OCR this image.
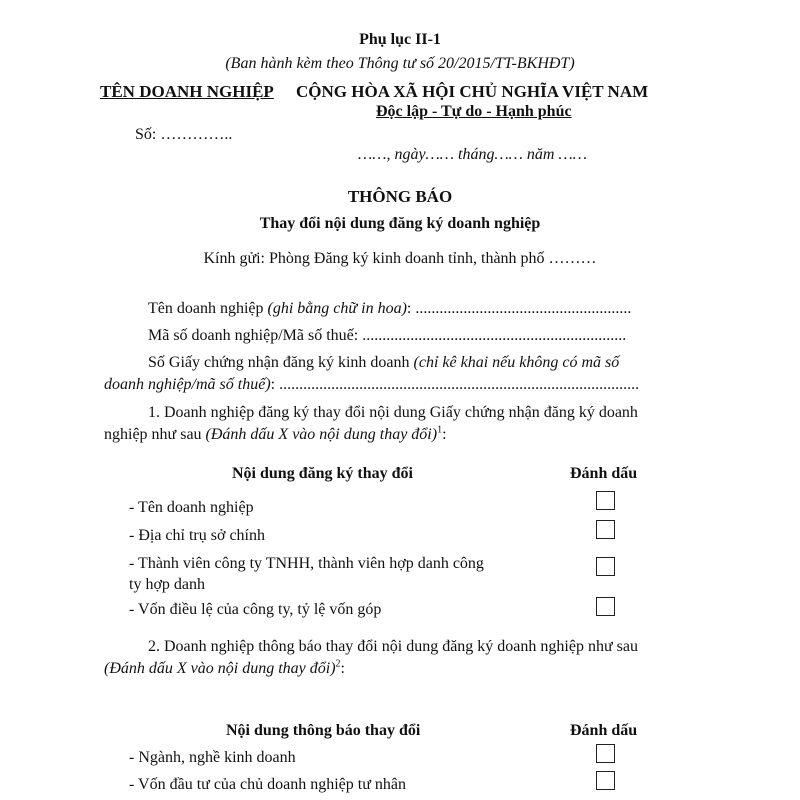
Phụ lục II-1
(Ban hành kèm theo Thông tư số 20/2015/TT-BKHĐT)
TÊN DOANH NGHIỆP CỘNG HÒA XÃ HỘI CHỦ NGHĨA VIỆT NAM
Độc lập - Tự do - Hạnh phúc
Số: …………..
……, ngày…… tháng…… năm ……
THÔNG BÁO
Thay đổi nội dung đăng ký doanh nghiệp
Kính gửi: Phòng Đăng ký kinh doanh tỉnh, thành phố ………
Tên doanh nghiệp (ghi bằng chữ in hoa): ......................................................
Mã số doanh nghiệp/Mã số thuế: ..................................................................
Số Giấy chứng nhận đăng ký kinh doanh (chỉ kê khai nếu không có mã số
doanh nghiệp/mã số thuế): ..........................................................................................
1. Doanh nghiệp đăng ký thay đổi nội dung Giấy chứng nhận đăng ký doanh
nghiệp như sau (Đánh dấu X vào nội dung thay đổi)$^1$:
Nội dung đăng ký thay đổi	Đánh dấu
- Tên doanh nghiệp
- Địa chỉ trụ sở chính
- Thành viên công ty TNHH, thành viên hợp danh công
ty hợp danh
- Vốn điều lệ của công ty, tỷ lệ vốn góp
2. Doanh nghiệp thông báo thay đổi nội dung đăng ký doanh nghiệp như sau
(Đánh dấu X vào nội dung thay đổi)$^2$:
Nội dung thông báo thay đổi	Đánh dấu
- Ngành, nghề kinh doanh
- Vốn đầu tư của chủ doanh nghiệp tư nhân
